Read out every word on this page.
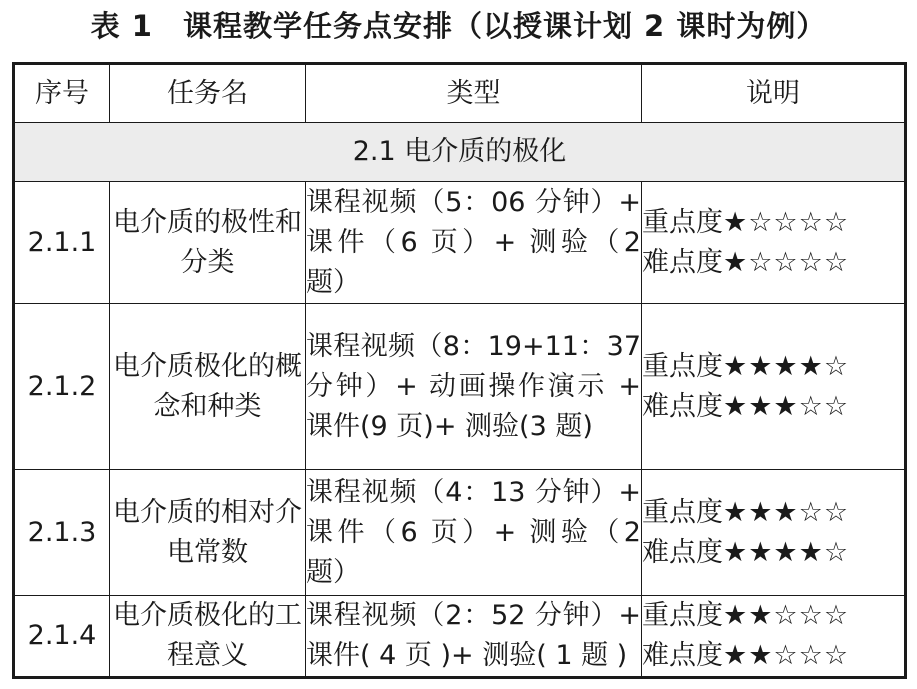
表 1　课程教学任务点安排（以授课计划 2 课时为例）
序号	任务名	类型	说明
2.1 电介质的极化			
2.1.1	电介质的极性和分类	课程视频（5：06 分钟）+ 课件（6 页）+ 测验（2 题）	重点度★☆☆☆☆
难点度★☆☆☆☆

2.1.2	电介质极化的概念和种类	课程视频（8：19+11：37 分钟）+ 动画操作演示 + 课件(9 页)+ 测验(3 题)	重点度★★★★☆
难点度★★★☆☆

2.1.3	电介质的相对介电常数	课程视频（4：13 分钟）+ 课件（6 页）+ 测验（2 题）	重点度★★★☆☆
难点度★★★★☆

2.1.4	电介质极化的工程意义	课程视频（2：52 分钟）+ 课件( 4 页 )+ 测验( 1 题 )	重点度★★☆☆☆
难点度★★☆☆☆
